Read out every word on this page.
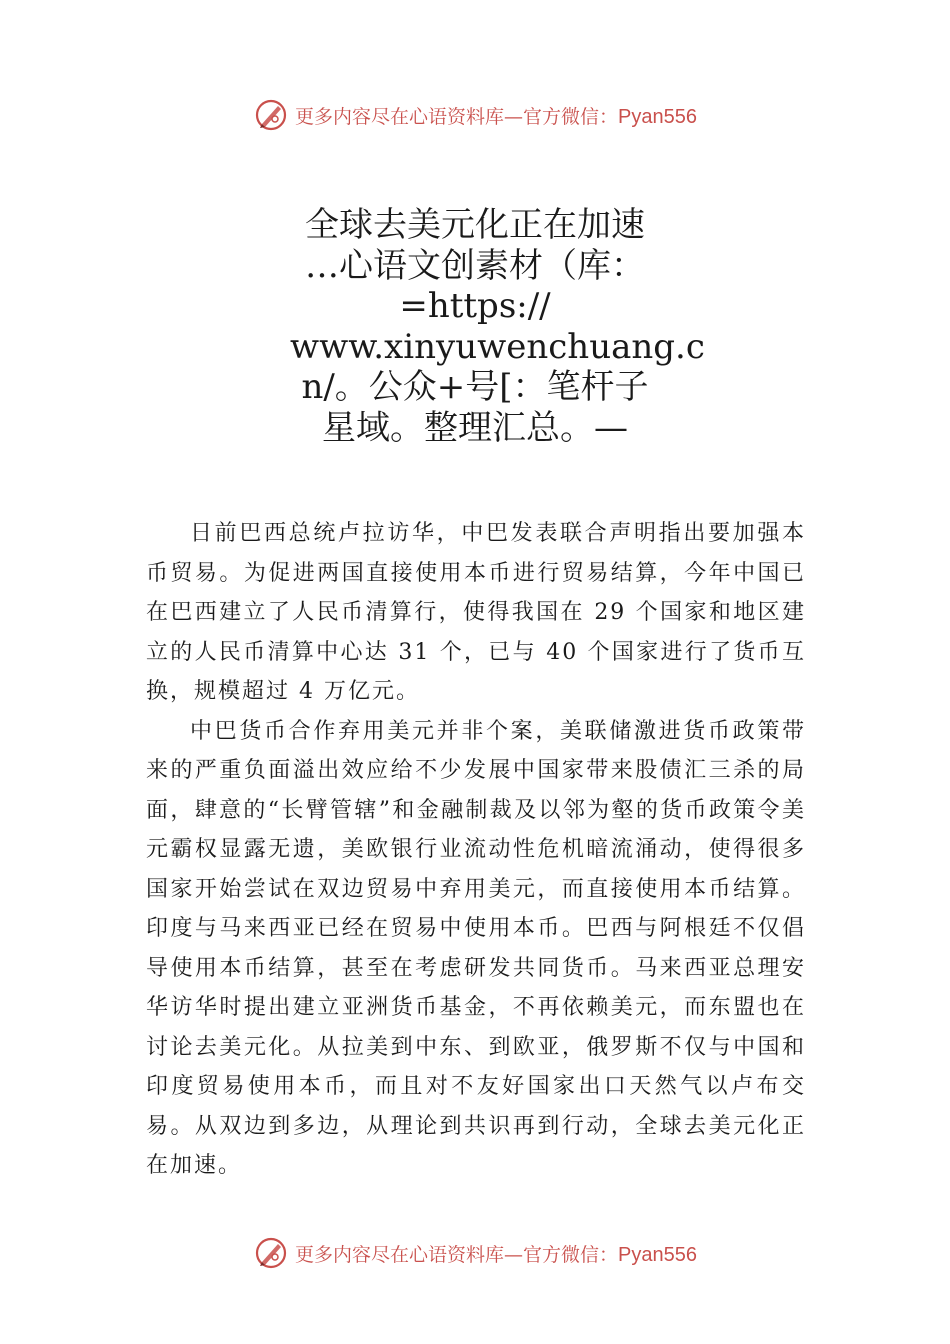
更多内容尽在心语资料库—官方微信：Pyan556
全球去美元化正在加速
…心语文创素材（库：
=https://
www.xinyuwenchuang.c
n/。公众+号[：笔杆子
星域。整理汇总。—

日前巴西总统卢拉访华，中巴发表联合声明指出要加强本币贸易。为促进两国直接使用本币进行贸易结算，今年中国已在巴西建立了人民币清算行，使得我国在 29 个国家和地区建立的人民币清算中心达 31 个，已与 40 个国家进行了货币互换，规模超过 4 万亿元。

中巴货币合作弃用美元并非个案，美联储激进货币政策带来的严重负面溢出效应给不少发展中国家带来股债汇三杀的局面，肆意的“长臂管辖”和金融制裁及以邻为壑的货币政策令美元霸权显露无遗，美欧银行业流动性危机暗流涌动，使得很多国家开始尝试在双边贸易中弃用美元，而直接使用本币结算。印度与马来西亚已经在贸易中使用本币。巴西与阿根廷不仅倡导使用本币结算，甚至在考虑研发共同货币。马来西亚总理安华访华时提出建立亚洲货币基金，不再依赖美元，而东盟也在讨论去美元化。从拉美到中东、到欧亚，俄罗斯不仅与中国和印度贸易使用本币，而且对不友好国家出口天然气以卢布交易。从双边到多边，从理论到共识再到行动，全球去美元化正在加速。

更多内容尽在心语资料库—官方微信：Pyan556
